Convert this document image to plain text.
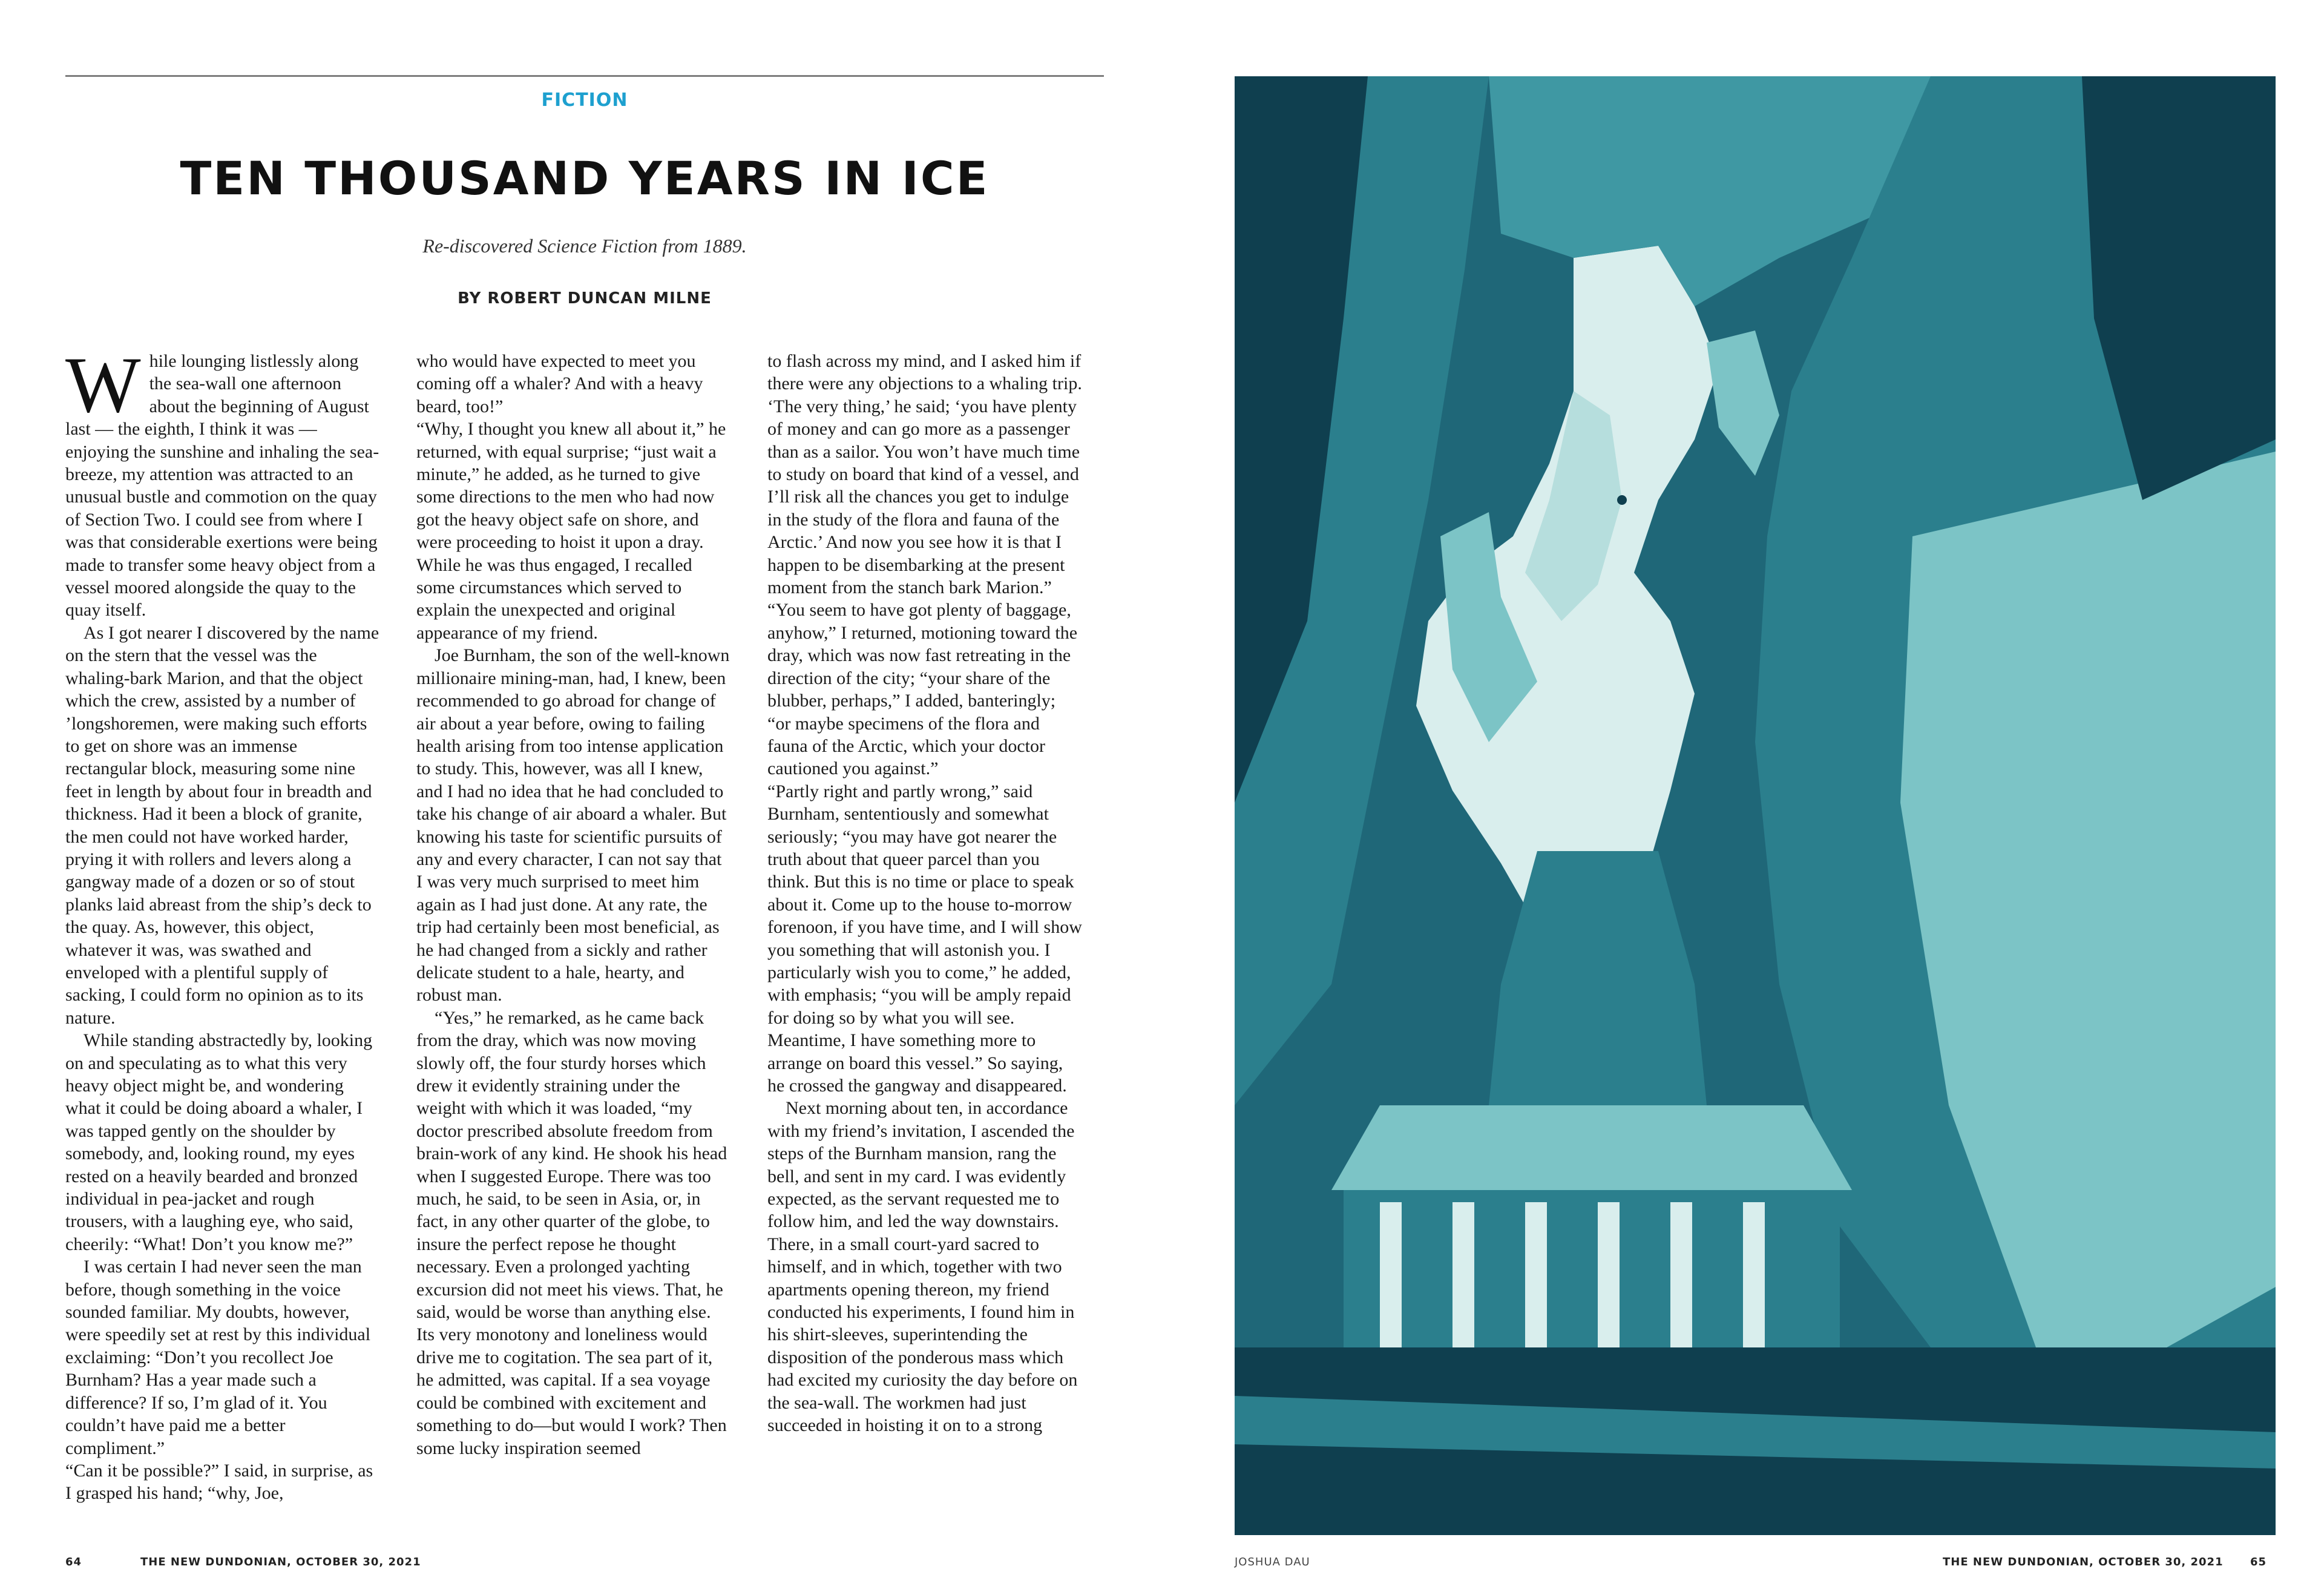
FICTION
TEN THOUSAND YEARS IN ICE
Re-discovered Science Fiction from 1889.
BY ROBERT DUNCAN MILNE
W hile lounging listlessly along the sea-wall one afternoon about the beginning of August last — the eighth, I think it was — enjoying the sunshine and inhaling the sea-breeze, my attention was attracted to an unusual bustle and commotion on the quay of Section Two. I could see from where I was that considerable exertions were being made to transfer some heavy object from a vessel moored alongside the quay to the quay itself.

As I got nearer I discovered by the name on the stern that the vessel was the whaling-bark Marion, and that the object which the crew, assisted by a number of ’longshoremen, were making such efforts to get on shore was an immense rectangular block, measuring some nine feet in length by about four in breadth and thickness. Had it been a block of granite, the men could not have worked harder, prying it with rollers and levers along a gangway made of a dozen or so of stout planks laid abreast from the ship’s deck to the quay. As, however, this object, whatever it was, was swathed and enveloped with a plentiful supply of sacking, I could form no opinion as to its nature.

While standing abstractedly by, looking on and speculating as to what this very heavy object might be, and wondering what it could be doing aboard a whaler, I was tapped gently on the shoulder by somebody, and, looking round, my eyes rested on a heavily bearded and bronzed individual in pea-jacket and rough trousers, with a laughing eye, who said, cheerily: “What! Don’t you know me?”

I was certain I had never seen the man before, though something in the voice sounded familiar. My doubts, however, were speedily set at rest by this individual exclaiming: “Don’t you recollect Joe Burnham? Has a year made such a difference? If so, I’m glad of it. You couldn’t have paid me a better compliment.”

“Can it be possible?” I said, in surprise, as I grasped his hand; “why, Joe,

who would have expected to meet you coming off a whaler? And with a heavy beard, too!”

“Why, I thought you knew all about it,” he returned, with equal surprise; “just wait a minute,” he added, as he turned to give some directions to the men who had now got the heavy object safe on shore, and were proceeding to hoist it upon a dray.

While he was thus engaged, I recalled some circumstances which served to explain the unexpected and original appearance of my friend.

Joe Burnham, the son of the well-known millionaire mining-man, had, I knew, been recommended to go abroad for change of air about a year before, owing to failing health arising from too intense application to study. This, however, was all I knew, and I had no idea that he had concluded to take his change of air aboard a whaler. But knowing his taste for scientific pursuits of any and every character, I can not say that I was very much surprised to meet him again as I had just done. At any rate, the trip had certainly been most beneficial, as he had changed from a sickly and rather delicate student to a hale, hearty, and robust man.

“Yes,” he remarked, as he came back from the dray, which was now moving slowly off, the four sturdy horses which drew it evidently straining under the weight with which it was loaded, “my doctor prescribed absolute freedom from brain-work of any kind. He shook his head when I suggested Europe. There was too much, he said, to be seen in Asia, or, in fact, in any other quarter of the globe, to insure the perfect repose he thought necessary. Even a prolonged yachting excursion did not meet his views. That, he said, would be worse than anything else. Its very monotony and loneliness would drive me to cogitation. The sea part of it, he admitted, was capital. If a sea voyage could be combined with excitement and something to do—but would I work? Then some lucky inspiration seemed

to flash across my mind, and I asked him if there were any objections to a whaling trip. ‘The very thing,’ he said; ‘you have plenty of money and can go more as a passenger than as a sailor. You won’t have much time to study on board that kind of a vessel, and I’ll risk all the chances you get to indulge in the study of the flora and fauna of the Arctic.’ And now you see how it is that I happen to be disembarking at the present moment from the stanch bark Marion.”

“You seem to have got plenty of baggage, anyhow,” I returned, motioning toward the dray, which was now fast retreating in the direction of the city; “your share of the blubber, perhaps,” I added, banteringly; “or maybe specimens of the flora and fauna of the Arctic, which your doctor cautioned you against.”

“Partly right and partly wrong,” said Burnham, sententiously and somewhat seriously; “you may have got nearer the truth about that queer parcel than you think. But this is no time or place to speak about it. Come up to the house to-morrow forenoon, if you have time, and I will show you something that will astonish you. I particularly wish you to come,” he added, with emphasis; “you will be amply repaid for doing so by what you will see. Meantime, I have something more to arrange on board this vessel.” So saying, he crossed the gangway and disappeared.

Next morning about ten, in accordance with my friend’s invitation, I ascended the steps of the Burnham mansion, rang the bell, and sent in my card. I was evidently expected, as the servant requested me to follow him, and led the way downstairs. There, in a small court-yard sacred to himself, and in which, together with two apartments opening thereon, my friend conducted his experiments, I found him in his shirt-sleeves, superintending the disposition of the ponderous mass which had excited my curiosity the day before on the sea-wall. The workmen had just succeeded in hoisting it on to a strong

64	THE NEW DUNDONIAN, OCTOBER 30, 2021	JOSHUA DAU	THE NEW DUNDONIAN, OCTOBER 30, 2021 65
